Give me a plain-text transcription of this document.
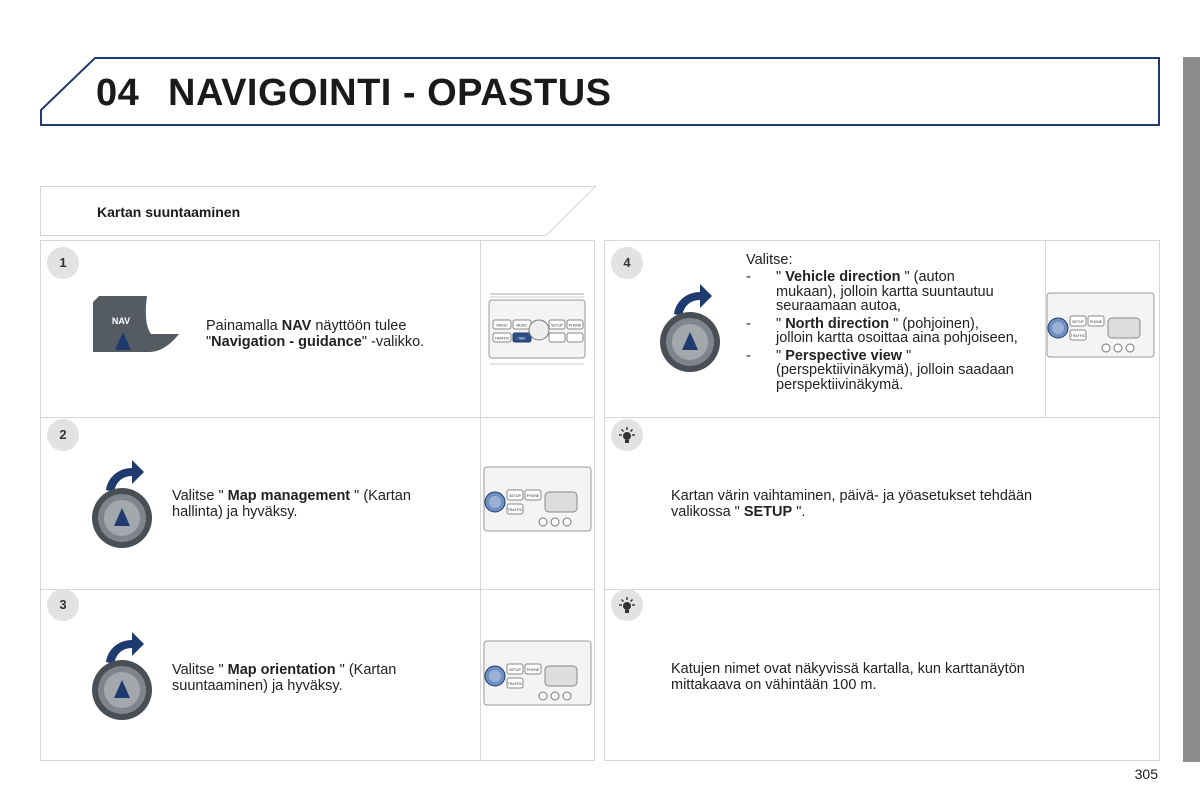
04 NAVIGOINTI - OPASTUS
Kartan suuntaaminen
1
NAV	Painamalla NAV näyttöön tulee
"Navigation - guidance" -valikko.
RADIO	MUSIC
NAV
SETUP PHONE
TRAFFIC
2
Valitse " Map management " (Kartan
hallinta) ja hyväksy.
SETUP PHONE
TRAFFIC
3
Valitse " Map orientation " (Kartan
suuntaaminen) ja hyväksy.
SETUP PHONE
TRAFFIC
4	Valitse:
- " Vehicle direction " (auton
mukaan), jolloin kartta suuntautuu seuraamaan autoa,
- " North direction " (pohjoinen),
jolloin kartta osoittaa aina pohjoiseen,
- " Perspective view "
(perspektiivinäkymä), jolloin saadaan perspektiivinäkymä.
SETUP PHONE
TRAFFIC
Kartan värin vaihtaminen, päivä- ja yöasetukset tehdään
valikossa " SETUP ".
Katujen nimet ovat näkyvissä kartalla, kun karttanäytön
mittakaava on vähintään 100 m.
305
